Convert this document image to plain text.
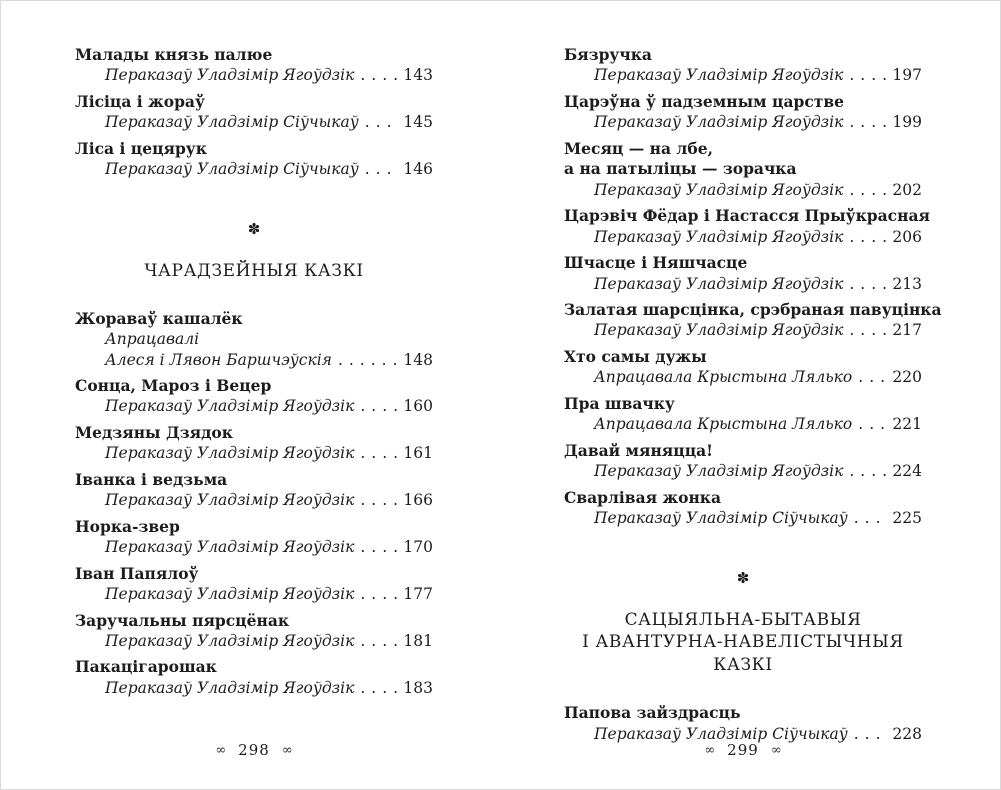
Малады князь палюе
Пераказаў Уладзімір Ягоўдзік .....	143
Лісіца і жораў
Пераказаў Уладзімір Сіўчыкаў .....	145
Ліса і цецярук
Пераказаў Уладзімір Сіўчыкаў .....	146
✽
ЧАРАДЗЕЙНЫЯ КАЗКІ
Жораваў кашалёк
Апрацавалі
Алеся і Лявон Баршчэўскія .....	148
Сонца, Мароз і Вецер
Пераказаў Уладзімір Ягоўдзік .....	160
Медзяны Дзядок
Пераказаў Уладзімір Ягоўдзік .....	161
Іванка і ведзьма
Пераказаў Уладзімір Ягоўдзік .....	166
Норка-звер
Пераказаў Уладзімір Ягоўдзік .....	170
Іван Папялоў
Пераказаў Уладзімір Ягоўдзік .....	177
Заручальны пярсцёнак
Пераказаў Уладзімір Ягоўдзік .....	181
Пакацігарошак
Пераказаў Уладзімір Ягоўдзік .....	183
Бязручка
Пераказаў Уладзімір Ягоўдзік .....	197
Царэўна ў падземным царстве
Пераказаў Уладзімір Ягоўдзік .....	199
Месяц — на лбе,
а на патыліцы — зорачка
Пераказаў Уладзімір Ягоўдзік .....	202
Царэвіч Фёдар і Настасся Прыўкрасная
Пераказаў Уладзімір Ягоўдзік .....	206
Шчасце і Няшчасце
Пераказаў Уладзімір Ягоўдзік .....	213
Залатая шарсцінка, срэбраная павуцінка
Пераказаў Уладзімір Ягоўдзік .....	217
Хто самы дужы
Апрацавала Крыстына Лялько .....	220
Пра швачку
Апрацавала Крыстына Лялько .....	221
Давай мяняцца!
Пераказаў Уладзімір Ягоўдзік .....	224
Сварлівая жонка
Пераказаў Уладзімір Сіўчыкаў .....	225
✽
САЦЫЯЛЬНА-БЫТАВЫЯ
І АВАНТУРНА-НАВЕЛІСТЫЧНЫЯ
КАЗКІ
Папова зайздрасць
Пераказаў Уладзімір Сіўчыкаў .....	228
∞ 298 ∞	∞ 299 ∞
